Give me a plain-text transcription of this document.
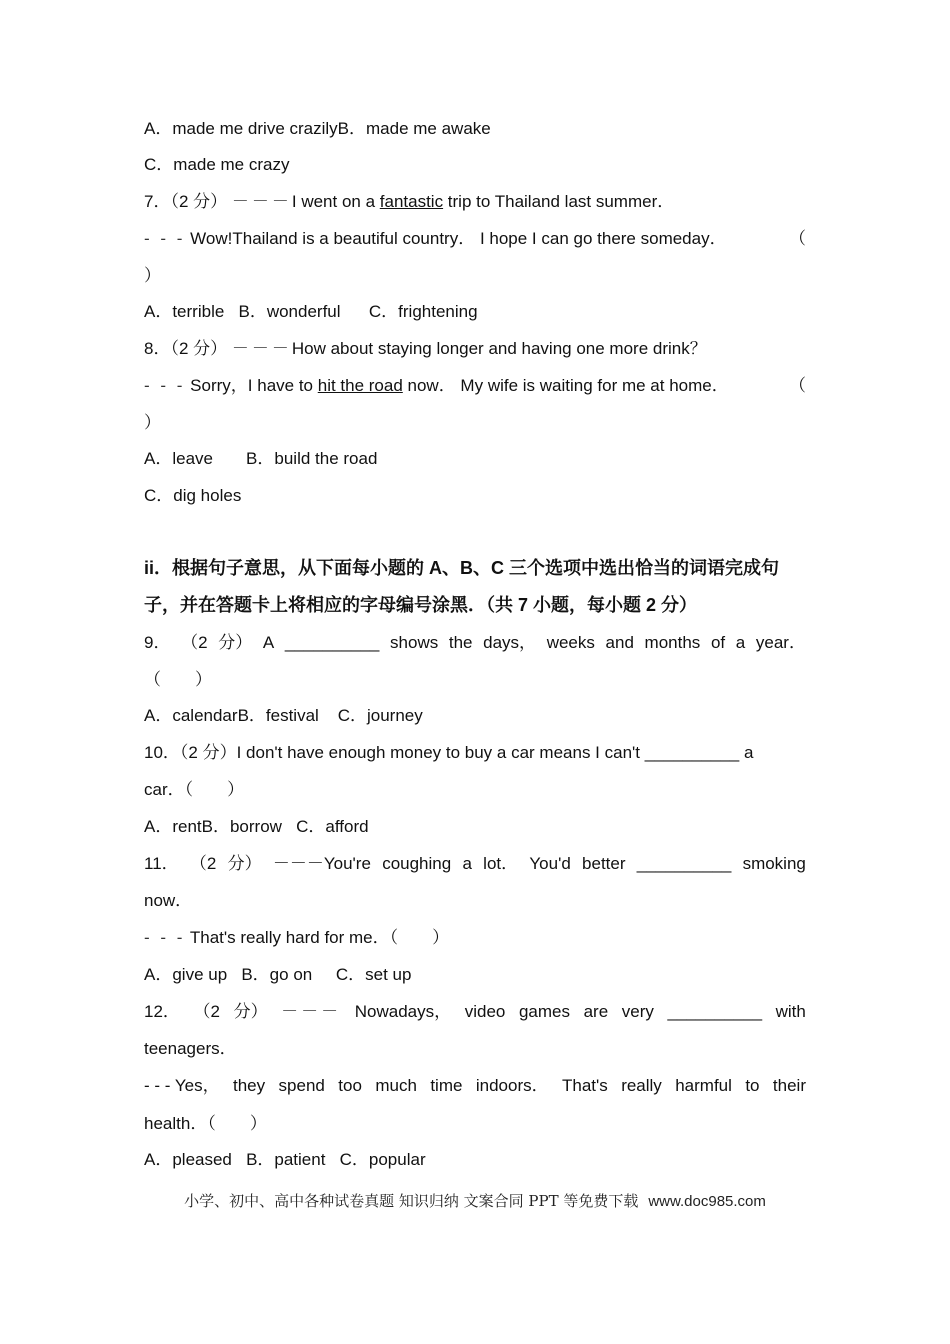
A．made me drive crazilyB．made me awake
C．made me crazy
7．（2 分） －－－I went on a fantastic trip to Thailand last summer．
- - - Wow!Thailand is a beautiful country． I hope I can go there someday．	（
）
A．terrible B．wonderful C．frightening
8．（2 分） －－－How about staying longer and having one more drink？
- - - Sorry，I have to hit the road now． My wife is waiting for me at home．	（
）
A．leave B．build the road
C．dig holes
ii．根据句子意思，从下面每小题的 A、B、C 三个选项中选出恰当的词语完成句
子，并在答题卡上将相应的字母编号涂黑．（共 7 小题，每小题 2 分）
9． （2 分） A __________ shows the days， weeks and months of a year．
（　　）
A．calendarB．festival C．journey
10．（2 分）I don't have enough money to buy a car means I can't __________ a
car．（　　）
A．rentB．borrow C．afford
11． （2 分） －－－You're coughing a lot． You'd better __________ smoking
now．
- - - That's really hard for me．（　　）
A．give up B．go on C．set up
12． （2 分） －－－ Nowadays， video games are very __________ with
teenagers．
- - - Yes， they spend too much time indoors． That's really harmful to their
health．（　　）
A．pleased B．patient C．popular
小学、初中、高中各种试卷真题 知识归纳 文案合同 PPT 等免费下载 www.doc985.com
